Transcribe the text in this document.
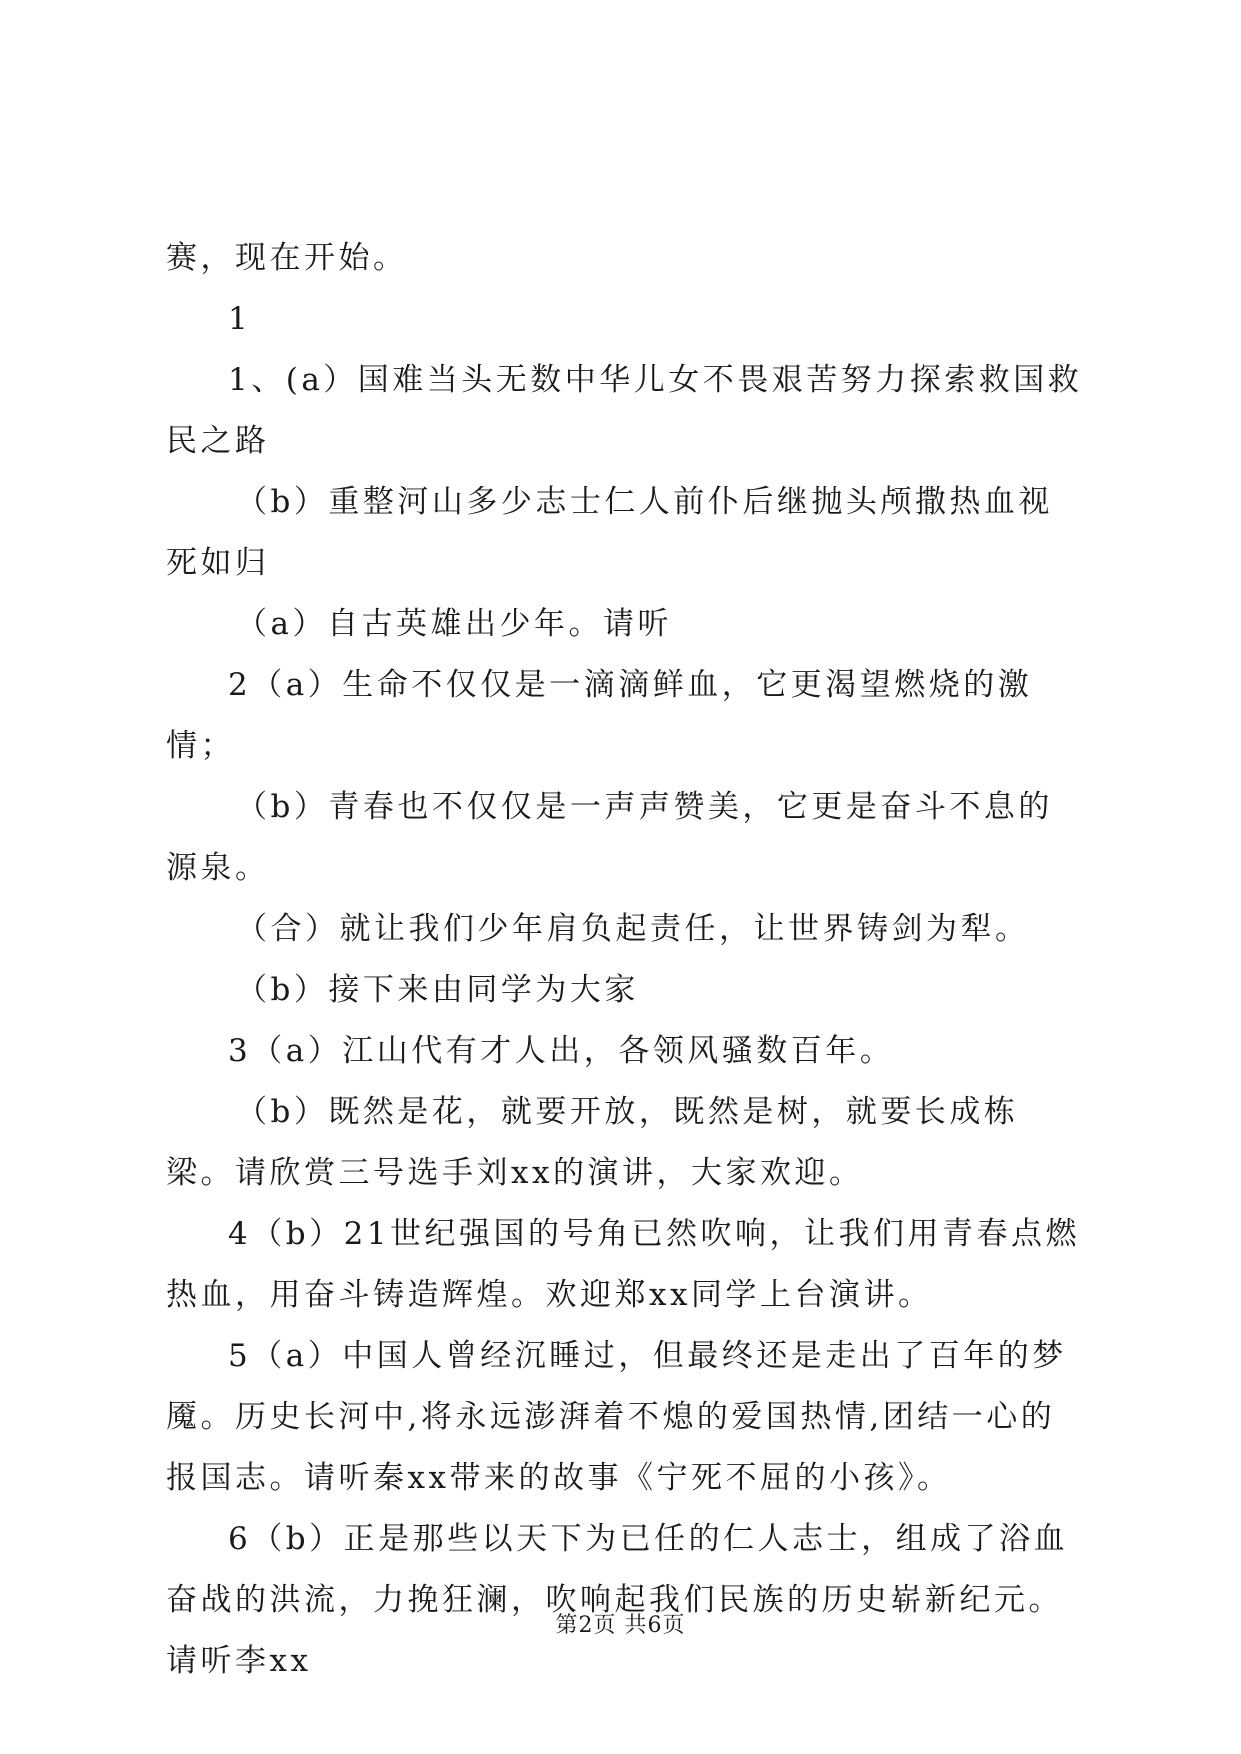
赛，现在开始。

1

1、(a）国难当头无数中华儿女不畏艰苦努力探索救国救民之路

（b）重整河山多少志士仁人前仆后继抛头颅撒热血视死如归

（a）自古英雄出少年。请听

2（a）生命不仅仅是一滴滴鲜血，它更渴望燃烧的激情；

（b）青春也不仅仅是一声声赞美，它更是奋斗不息的源泉。

（合）就让我们少年肩负起责任，让世界铸剑为犁。

（b）接下来由同学为大家

3（a）江山代有才人出，各领风骚数百年。

（b）既然是花，就要开放，既然是树，就要长成栋梁。请欣赏三号选手刘xx的演讲，大家欢迎。

4（b）21世纪强国的号角已然吹响，让我们用青春点燃热血，用奋斗铸造辉煌。欢迎郑xx同学上台演讲。

5（a）中国人曾经沉睡过，但最终还是走出了百年的梦魇。历史长河中,将永远澎湃着不熄的爱国热情,团结一心的报国志。请听秦xx带来的故事《宁死不屈的小孩》。

6（b）正是那些以天下为已任的仁人志士，组成了浴血奋战的洪流，力挽狂澜，吹响起我们民族的历史崭新纪元。请听李xx

第2页 共6页
